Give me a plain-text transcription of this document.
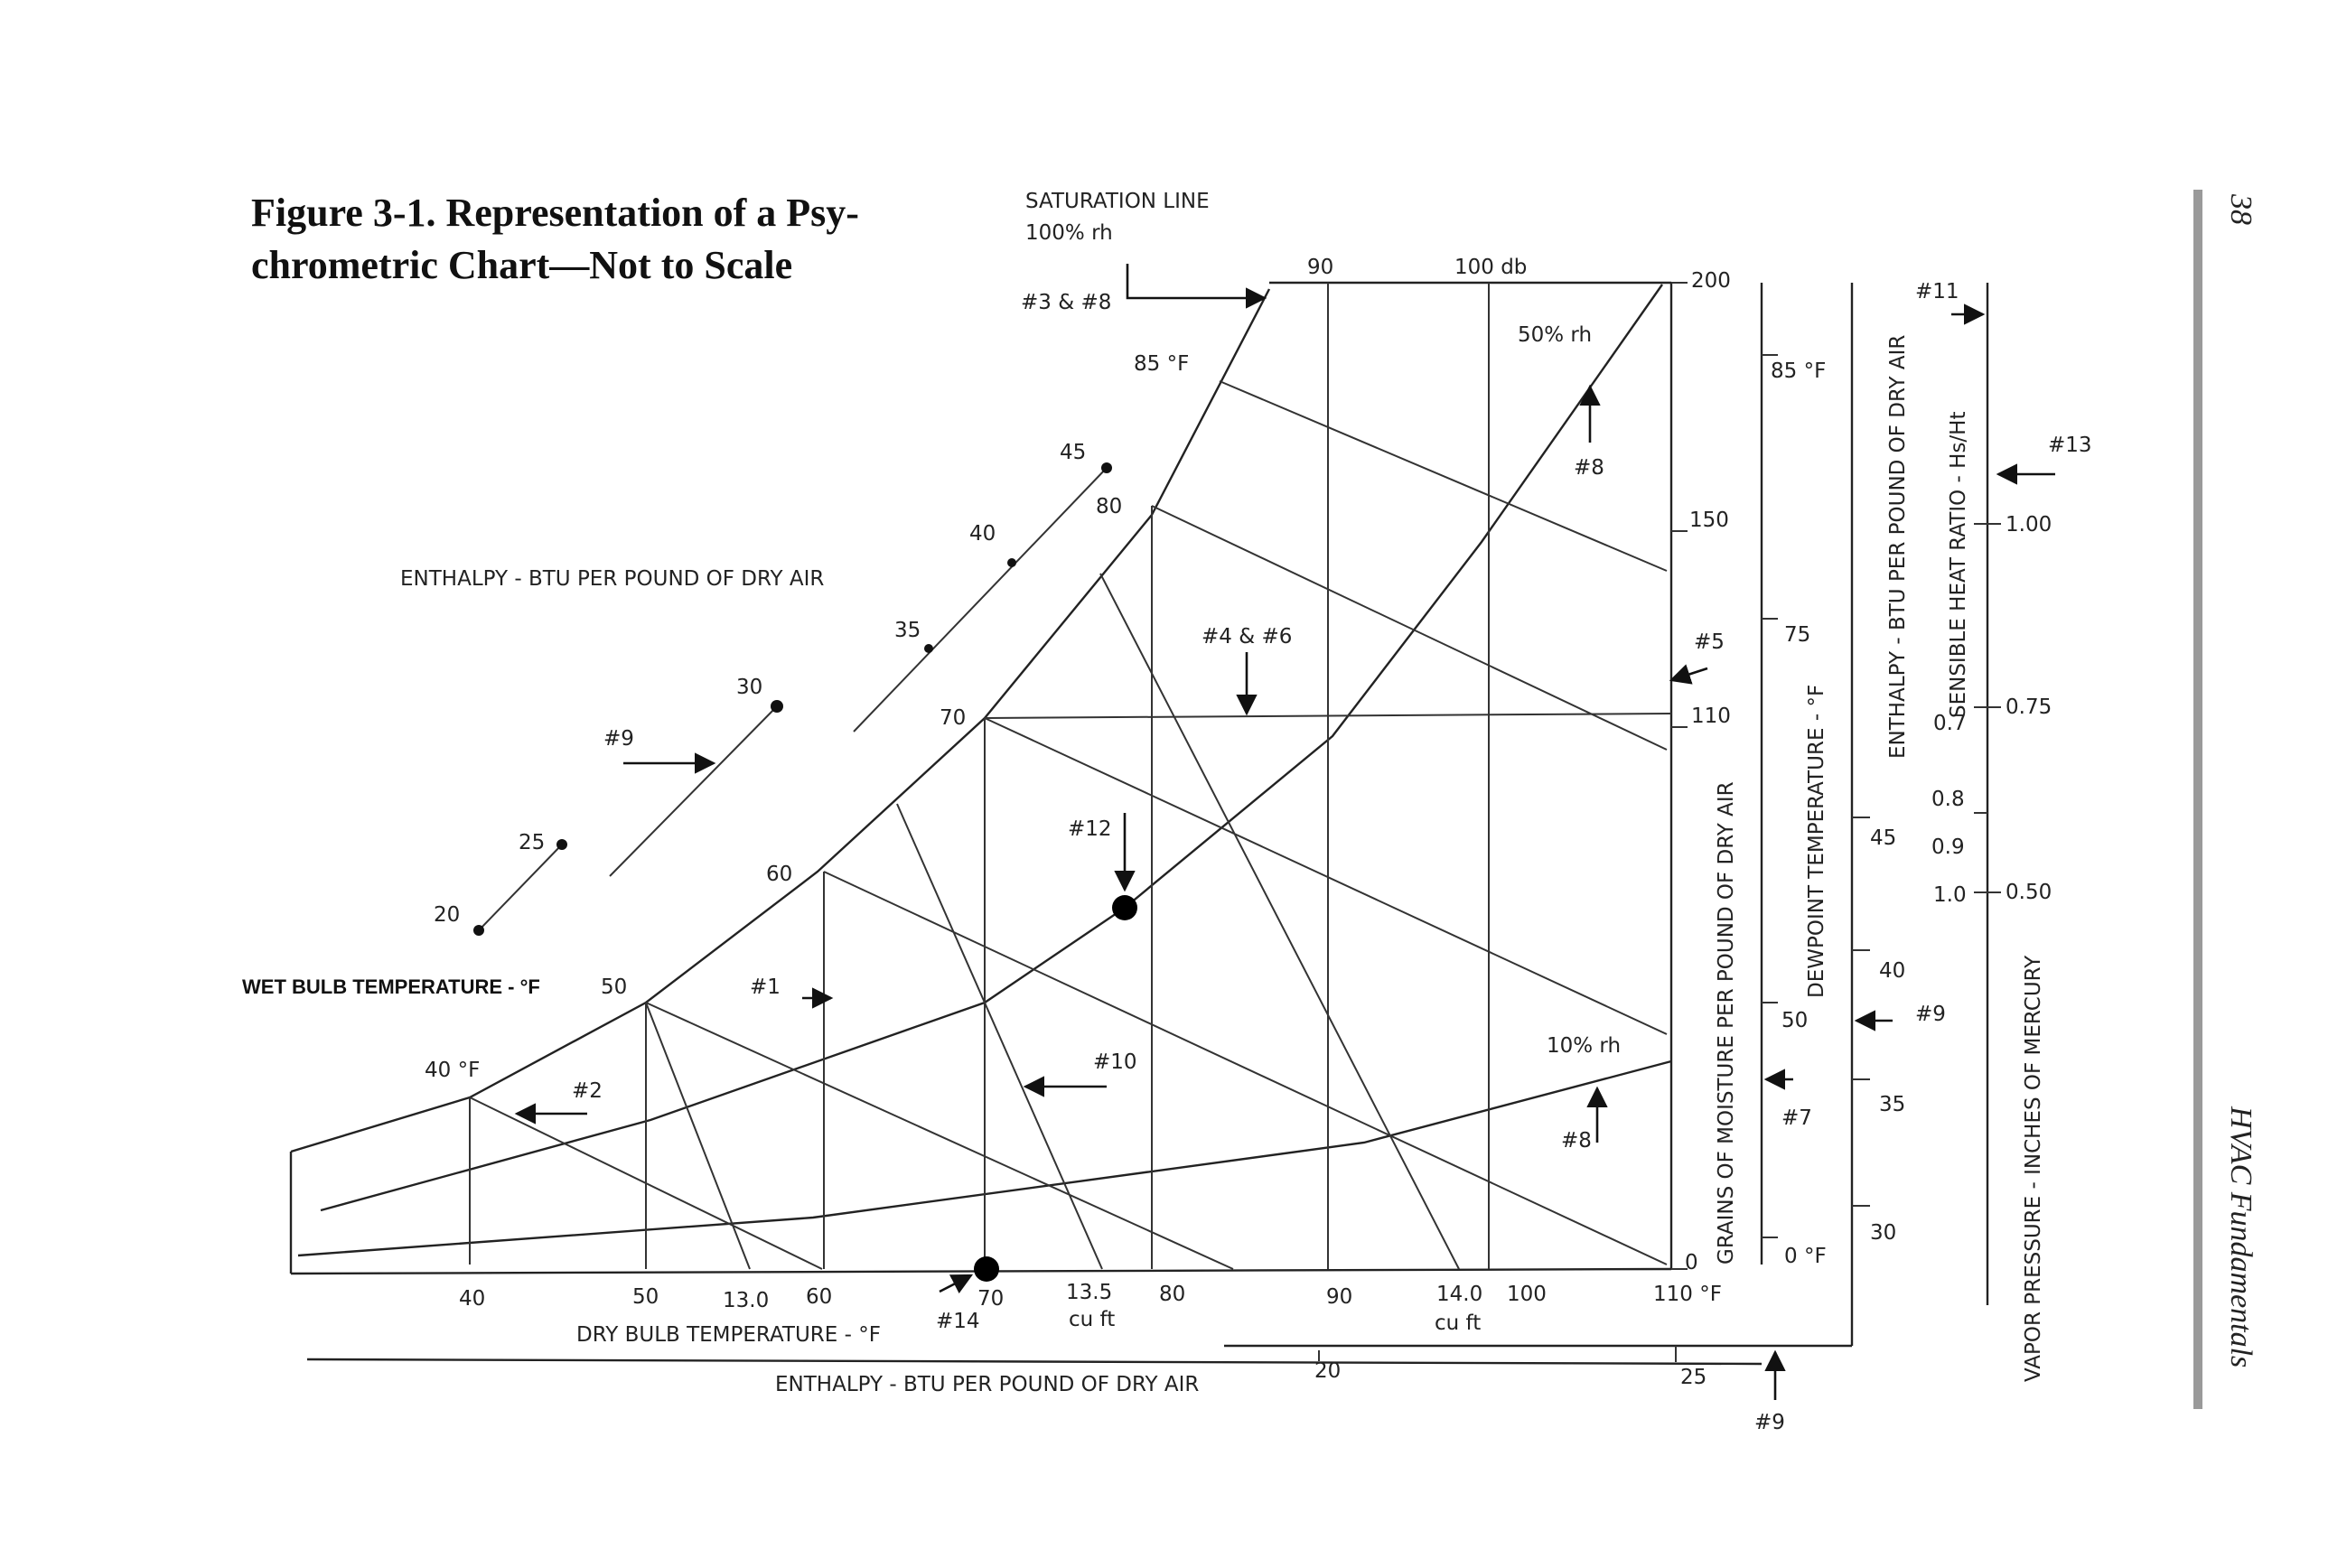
Figure 3-1. Representation of a Psy-
chrometric Chart—Not to Scale
38
HVAC Fundamentals
SATURATION LINE
100% rh
#3 & #8
90	100 db
50% rh
#8
10% rh
#8
85 °F
80
70
60
50
40 °F
WET BULB TEMPERATURE - °F
ENTHALPY - BTU PER POUND OF DRY AIR
45
40
35
30
25
20
#9
#1
#2
#4 & #6	#5
#12
#10
#14
#7
#9
#9
#11
#13
40	50	13.0 60	70	13.5
cu ft
80	90	14.0
cu ft
100	110 °F
DRY BULB TEMPERATURE - °F
ENTHALPY - BTU PER POUND OF DRY AIR
20	25
200
150
110
0 GRAINS OF MOISTURE PER POUND OF DRY AIR
85 °F
75
50
0 °F
DEWPOINT TEMPERATURE - °F 45
40
35
30
ENTHALPY - BTU PER POUND OF DRY AIR 0.7
0.8
0.9
1.0
SENSIBLE HEAT RATIO - Hs/Ht 1.00
0.75
0.50
VAPOR PRESSURE - INCHES OF MERCURY
